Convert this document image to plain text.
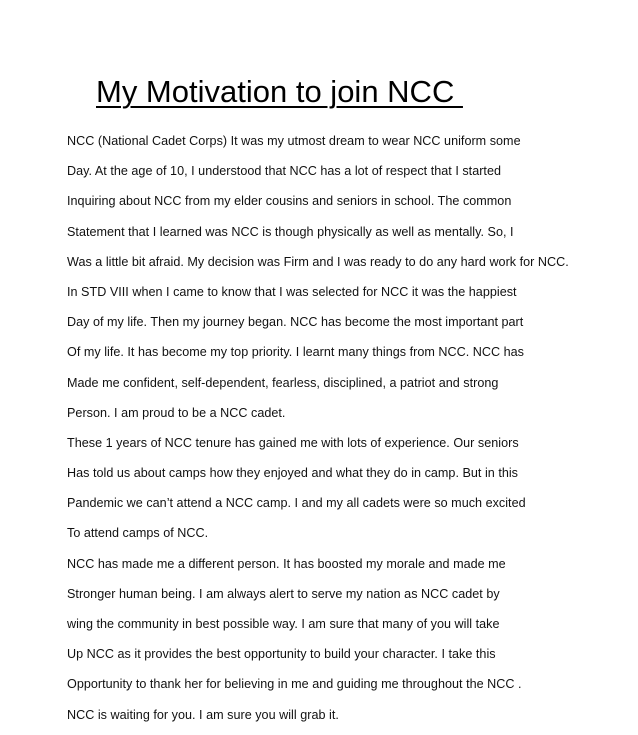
My Motivation to join NCC
NCC (National Cadet Corps) It was my utmost dream to wear NCC uniform some
Day. At the age of 10, I understood that NCC has a lot of respect that I started
Inquiring about NCC from my elder cousins and seniors in school. The common
Statement that I learned was NCC is though physically as well as mentally. So, I
Was a little bit afraid. My decision was Firm and I was ready to do any hard work for NCC.
In STD VIII when I came to know that I was selected for NCC it was the happiest
Day of my life. Then my journey began. NCC has become the most important part
Of my life. It has become my top priority. I learnt many things from NCC. NCC has
Made me confident, self-dependent, fearless, disciplined, a patriot and strong
Person. I am proud to be a NCC cadet.
These 1 years of NCC tenure has gained me with lots of experience. Our seniors
Has told us about camps how they enjoyed and what they do in camp. But in this
Pandemic we can’t attend a NCC camp. I and my all cadets were so much excited
To attend camps of NCC.
NCC has made me a different person. It has boosted my morale and made me
Stronger human being. I am always alert to serve my nation as NCC cadet by
wing the community in best possible way. I am sure that many of you will take
Up NCC as it provides the best opportunity to build your character. I take this
Opportunity to thank her for believing in me and guiding me throughout the NCC .
NCC is waiting for you. I am sure you will grab it.
